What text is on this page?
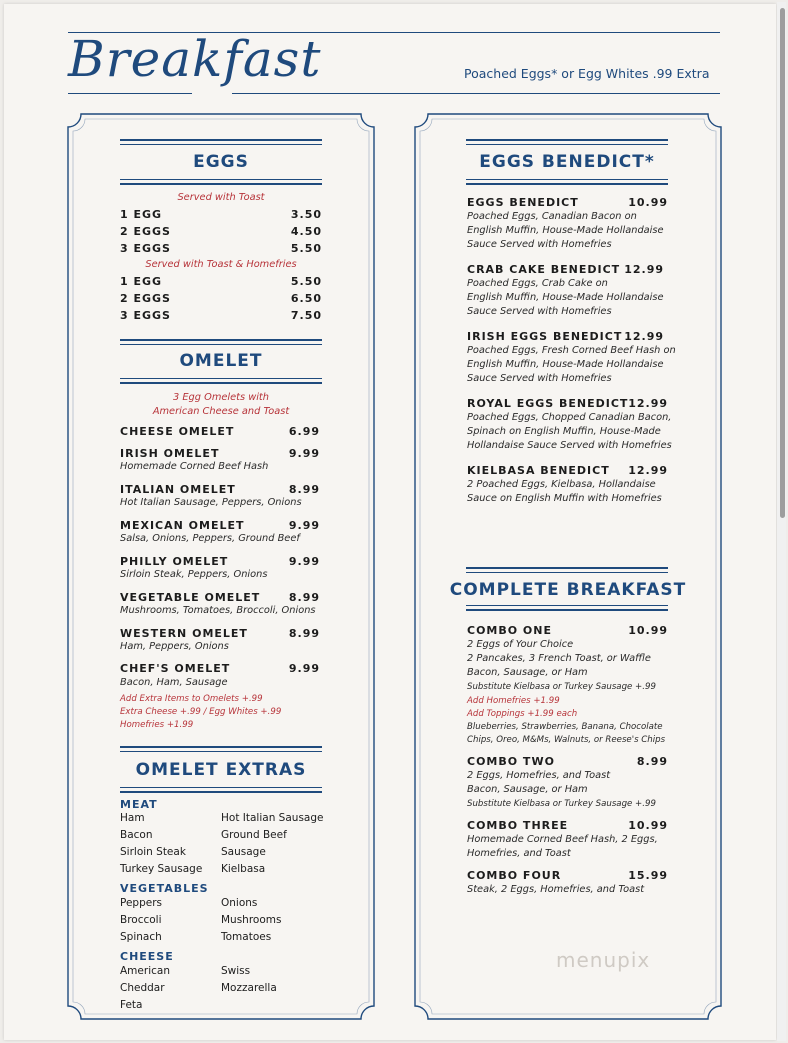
Breakfast	Poached Eggs* or Egg Whites .99 Extra
EGGS
Served with Toast
1 EGG	3.50
2 EGGS	4.50
3 EGGS	5.50
Served with Toast & Homefries
1 EGG	5.50
2 EGGS	6.50
3 EGGS	7.50
OMELET
3 Egg Omelets with
American Cheese and Toast
CHEESE OMELET	6.99
IRISH OMELET	9.99
Homemade Corned Beef Hash
ITALIAN OMELET	8.99
Hot Italian Sausage, Peppers, Onions
MEXICAN OMELET	9.99
Salsa, Onions, Peppers, Ground Beef
PHILLY OMELET	9.99
Sirloin Steak, Peppers, Onions
VEGETABLE OMELET	8.99
Mushrooms, Tomatoes, Broccoli, Onions
WESTERN OMELET	8.99
Ham, Peppers, Onions
CHEF'S OMELET	9.99
Bacon, Ham, Sausage
Add Extra Items to Omelets +.99
Extra Cheese +.99 / Egg Whites +.99
Homefries +1.99
OMELET EXTRAS
MEAT
Ham
Bacon
Sirloin Steak
Turkey Sausage
Hot Italian Sausage
Ground Beef
Sausage
Kielbasa
VEGETABLES
Peppers
Broccoli
Spinach
Onions
Mushrooms
Tomatoes
CHEESE
American
Cheddar
Feta
Swiss
Mozzarella
EGGS BENEDICT*
EGGS BENEDICT	10.99
Poached Eggs, Canadian Bacon on
English Muffin, House-Made Hollandaise
Sauce Served with Homefries
CRAB CAKE BENEDICT 12.99
Poached Eggs, Crab Cake on
English Muffin, House-Made Hollandaise
Sauce Served with Homefries
IRISH EGGS BENEDICT 12.99
Poached Eggs, Fresh Corned Beef Hash on
English Muffin, House-Made Hollandaise
Sauce Served with Homefries
ROYAL EGGS BENEDICT 12.99
Poached Eggs, Chopped Canadian Bacon,
Spinach on English Muffin, House-Made
Hollandaise Sauce Served with Homefries
KIELBASA BENEDICT	12.99
2 Poached Eggs, Kielbasa, Hollandaise
Sauce on English Muffin with Homefries
COMPLETE BREAKFAST
COMBO ONE	10.99
2 Eggs of Your Choice
2 Pancakes, 3 French Toast, or Waffle
Bacon, Sausage, or Ham
Substitute Kielbasa or Turkey Sausage +.99
Add Homefries +1.99
Add Toppings +1.99 each
Blueberries, Strawberries, Banana, Chocolate
Chips, Oreo, M&Ms, Walnuts, or Reese's Chips
COMBO TWO	8.99
2 Eggs, Homefries, and Toast
Bacon, Sausage, or Ham
Substitute Kielbasa or Turkey Sausage +.99
COMBO THREE	10.99
Homemade Corned Beef Hash, 2 Eggs,
Homefries, and Toast
COMBO FOUR	15.99
Steak, 2 Eggs, Homefries, and Toast
menupix
